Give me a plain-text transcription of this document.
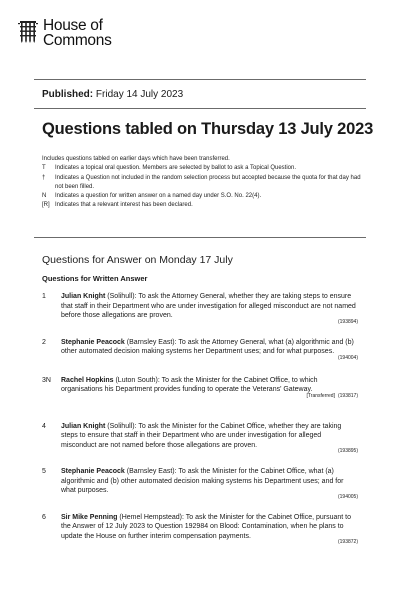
House of
Commons
Published: Friday 14 July 2023
Questions tabled on Thursday 13 July 2023
Includes questions tabled on earlier days which have been transferred.
T	Indicates a topical oral question. Members are selected by ballot to ask a Topical Question.
†	Indicates a Question not included in the random selection process but accepted because the quota for that day had not been filled.
N	Indicates a question for written answer on a named day under S.O. No. 22(4).
[R] Indicates that a relevant interest has been declared.
Questions for Answer on Monday 17 July
Questions for Written Answer
1	Julian Knight (Solihull): To ask the Attorney General, whether they are taking steps to ensure that staff in their Department who are under investigation for alleged misconduct are not named before those allegations are proven.
(193894)
2	Stephanie Peacock (Barnsley East): To ask the Attorney General, what (a) algorithmic and (b) other automated decision making systems her Department uses; and for what purposes.
(194004)
3N	Rachel Hopkins (Luton South): To ask the Minister for the Cabinet Office, to which organisations his Department provides funding to operate the Veterans' Gateway.
[Transferred] (193817)
4	Julian Knight (Solihull): To ask the Minister for the Cabinet Office, whether they are taking steps to ensure that staff in their Department who are under investigation for alleged misconduct are not named before those allegations are proven.
(193895)
5	Stephanie Peacock (Barnsley East): To ask the Minister for the Cabinet Office, what (a) algorithmic and (b) other automated decision making systems his Department uses; and for what purposes.
(194005)
6	Sir Mike Penning (Hemel Hempstead): To ask the Minister for the Cabinet Office, pursuant to the Answer of 12 July 2023 to Question 192984 on Blood: Contamination, when he plans to update the House on further interim compensation payments.
(193872)
